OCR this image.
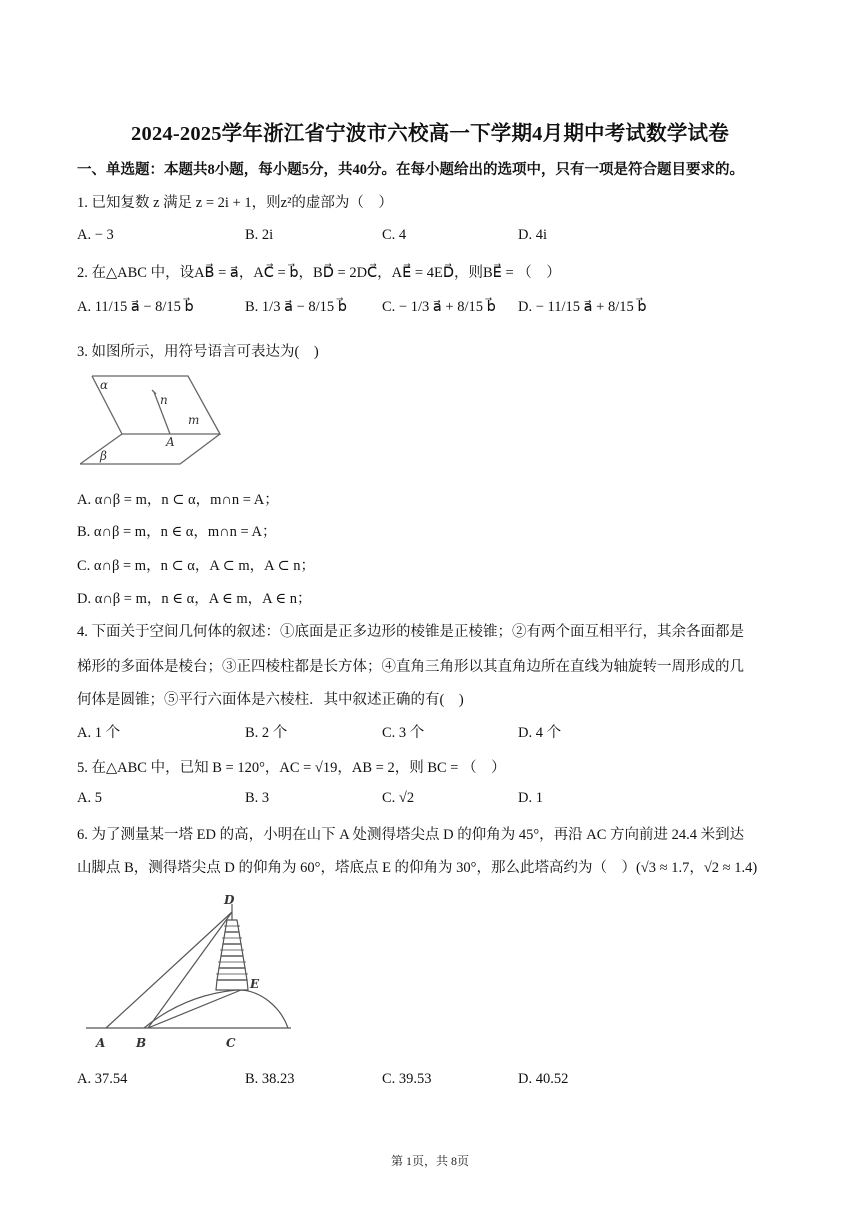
2024-2025学年浙江省宁波市六校高一下学期4月期中考试数学试卷
一、单选题：本题共8小题，每小题5分，共40分。在每小题给出的选项中，只有一项是符合题目要求的。
1. 已知复数 z 满足 z = 2i + 1，则z²的虚部为（　）
A. − 3	B. 2i	C. 4	D. 4i
2. 在△ABC 中，设AB⃗ = a⃗，AC⃗ = b⃗，BD⃗ = 2DC⃗，AE⃗ = 4ED⃗，则BE⃗ = （　）
A. 11/15 a⃗ − 8/15 b⃗	B. 1/3 a⃗ − 8/15 b⃗ C. − 1/3 a⃗ + 8/15 b⃗ D. − 11/15 a⃗ + 8/15 b⃗
3. 如图所示，用符号语言可表达为(　)
α
n
m
A
β
A. α∩β = m，n ⊂ α，m∩n = A；
B. α∩β = m，n ∈ α，m∩n = A；
C. α∩β = m，n ⊂ α，A ⊂ m，A ⊂ n；
D. α∩β = m，n ∈ α，A ∈ m，A ∈ n；
4. 下面关于空间几何体的叙述：①底面是正多边形的棱锥是正棱锥；②有两个面互相平行，其余各面都是
梯形的多面体是棱台；③正四棱柱都是长方体；④直角三角形以其直角边所在直线为轴旋转一周形成的几
何体是圆锥；⑤平行六面体是六棱柱．其中叙述正确的有(　)
A. 1 个	B. 2 个	C. 3 个	D. 4 个
5. 在△ABC 中，已知 B = 120°，AC = √19，AB = 2，则 BC = （　）
A. 5	B. 3	C. √2	D. 1
6. 为了测量某一塔 ED 的高，小明在山下 A 处测得塔尖点 D 的仰角为 45°，再沿 AC 方向前进 24.4 米到达
山脚点 B，测得塔尖点 D 的仰角为 60°，塔底点 E 的仰角为 30°，那么此塔高约为（　）(√3 ≈ 1.7，√2 ≈ 1.4)
D
E
A	B	C
A. 37.54	B. 38.23	C. 39.53	D. 40.52
第 1页，共 8页
